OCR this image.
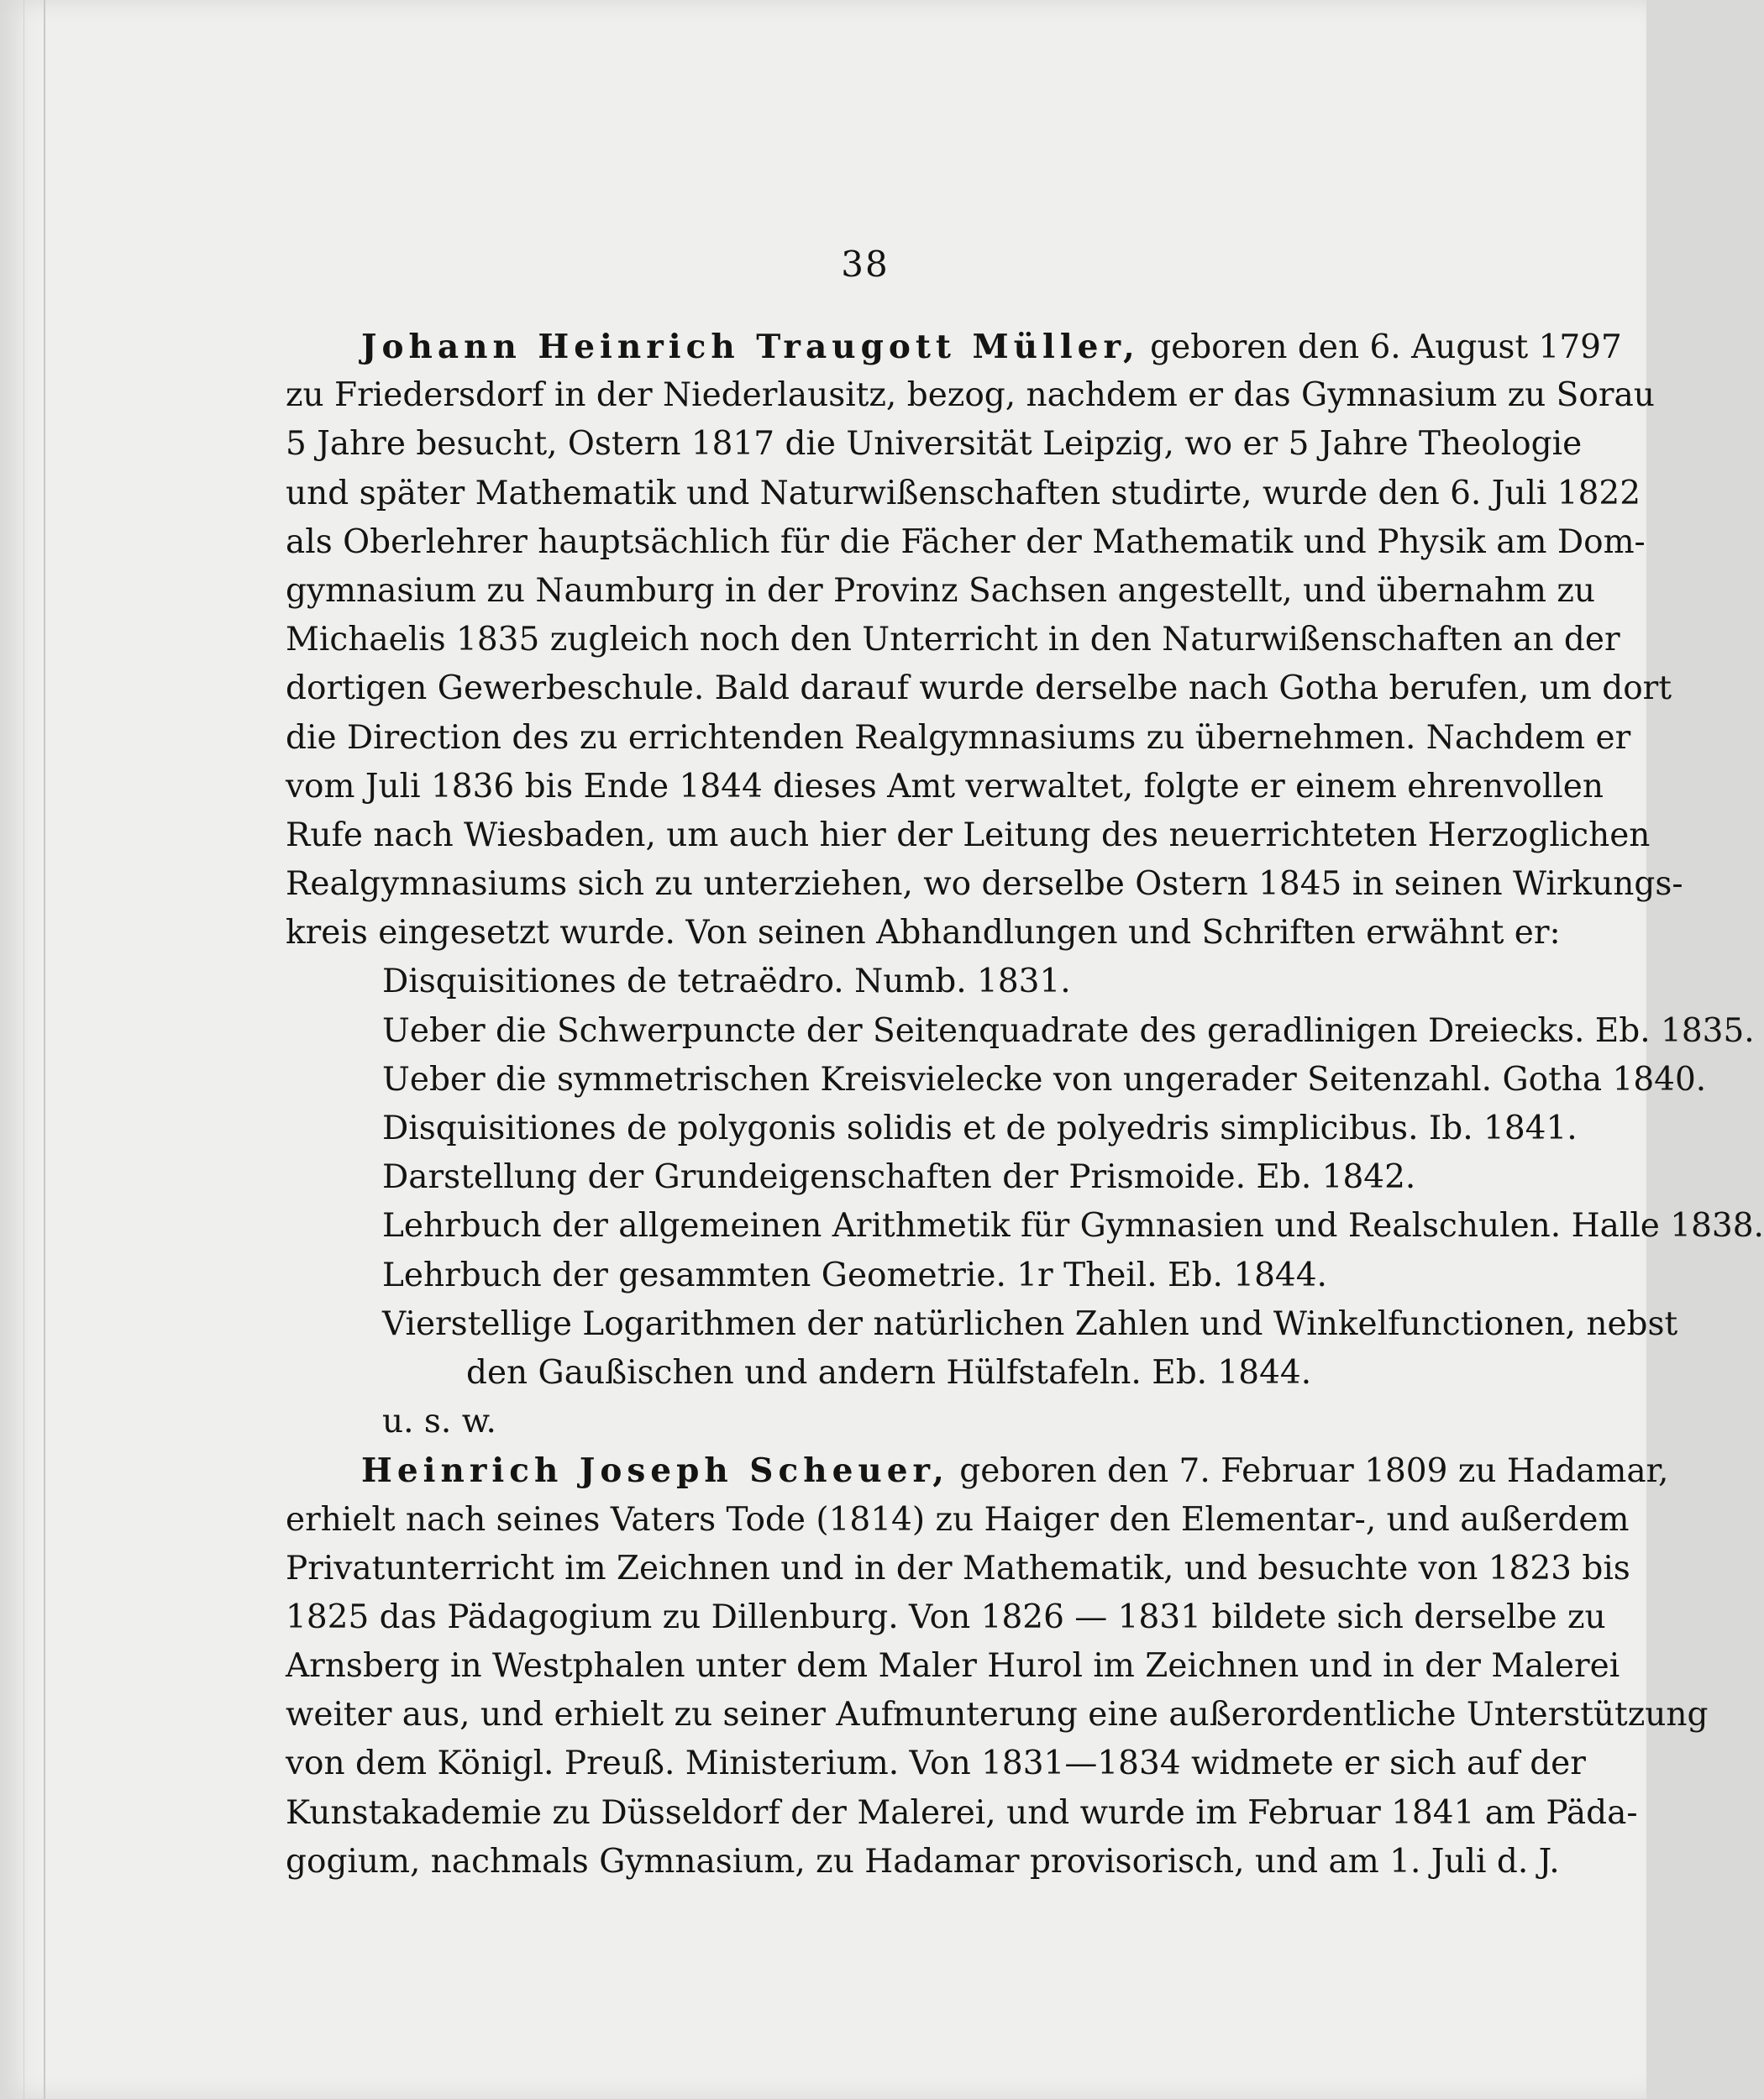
38
Johann Heinrich Traugott Müller, geboren den 6. August 1797
zu Friedersdorf in der Niederlausitz, bezog, nachdem er das Gymnasium zu Sorau
5 Jahre besucht, Ostern 1817 die Universität Leipzig, wo er 5 Jahre Theologie
und später Mathematik und Naturwißenschaften studirte, wurde den 6. Juli 1822
als Oberlehrer hauptsächlich für die Fächer der Mathematik und Physik am Dom-
gymnasium zu Naumburg in der Provinz Sachsen angestellt, und übernahm zu
Michaelis 1835 zugleich noch den Unterricht in den Naturwißenschaften an der
dortigen Gewerbeschule. Bald darauf wurde derselbe nach Gotha berufen, um dort
die Direction des zu errichtenden Realgymnasiums zu übernehmen. Nachdem er
vom Juli 1836 bis Ende 1844 dieses Amt verwaltet, folgte er einem ehrenvollen
Rufe nach Wiesbaden, um auch hier der Leitung des neuerrichteten Herzoglichen
Realgymnasiums sich zu unterziehen, wo derselbe Ostern 1845 in seinen Wirkungs-
kreis eingesetzt wurde. Von seinen Abhandlungen und Schriften erwähnt er:
Disquisitiones de tetraëdro. Numb. 1831.
Ueber die Schwerpuncte der Seitenquadrate des geradlinigen Dreiecks. Eb. 1835.
Ueber die symmetrischen Kreisvielecke von ungerader Seitenzahl. Gotha 1840.
Disquisitiones de polygonis solidis et de polyedris simplicibus. Ib. 1841.
Darstellung der Grundeigenschaften der Prismoide. Eb. 1842.
Lehrbuch der allgemeinen Arithmetik für Gymnasien und Realschulen. Halle 1838.
Lehrbuch der gesammten Geometrie. 1r Theil. Eb. 1844.
Vierstellige Logarithmen der natürlichen Zahlen und Winkelfunctionen, nebst
den Gaußischen und andern Hülfstafeln. Eb. 1844.
u. s. w.
Heinrich Joseph Scheuer, geboren den 7. Februar 1809 zu Hadamar,
erhielt nach seines Vaters Tode (1814) zu Haiger den Elementar-, und außerdem
Privatunterricht im Zeichnen und in der Mathematik, und besuchte von 1823 bis
1825 das Pädagogium zu Dillenburg. Von 1826 — 1831 bildete sich derselbe zu
Arnsberg in Westphalen unter dem Maler Hurol im Zeichnen und in der Malerei
weiter aus, und erhielt zu seiner Aufmunterung eine außerordentliche Unterstützung
von dem Königl. Preuß. Ministerium. Von 1831—1834 widmete er sich auf der
Kunstakademie zu Düsseldorf der Malerei, und wurde im Februar 1841 am Päda-
gogium, nachmals Gymnasium, zu Hadamar provisorisch, und am 1. Juli d. J.
